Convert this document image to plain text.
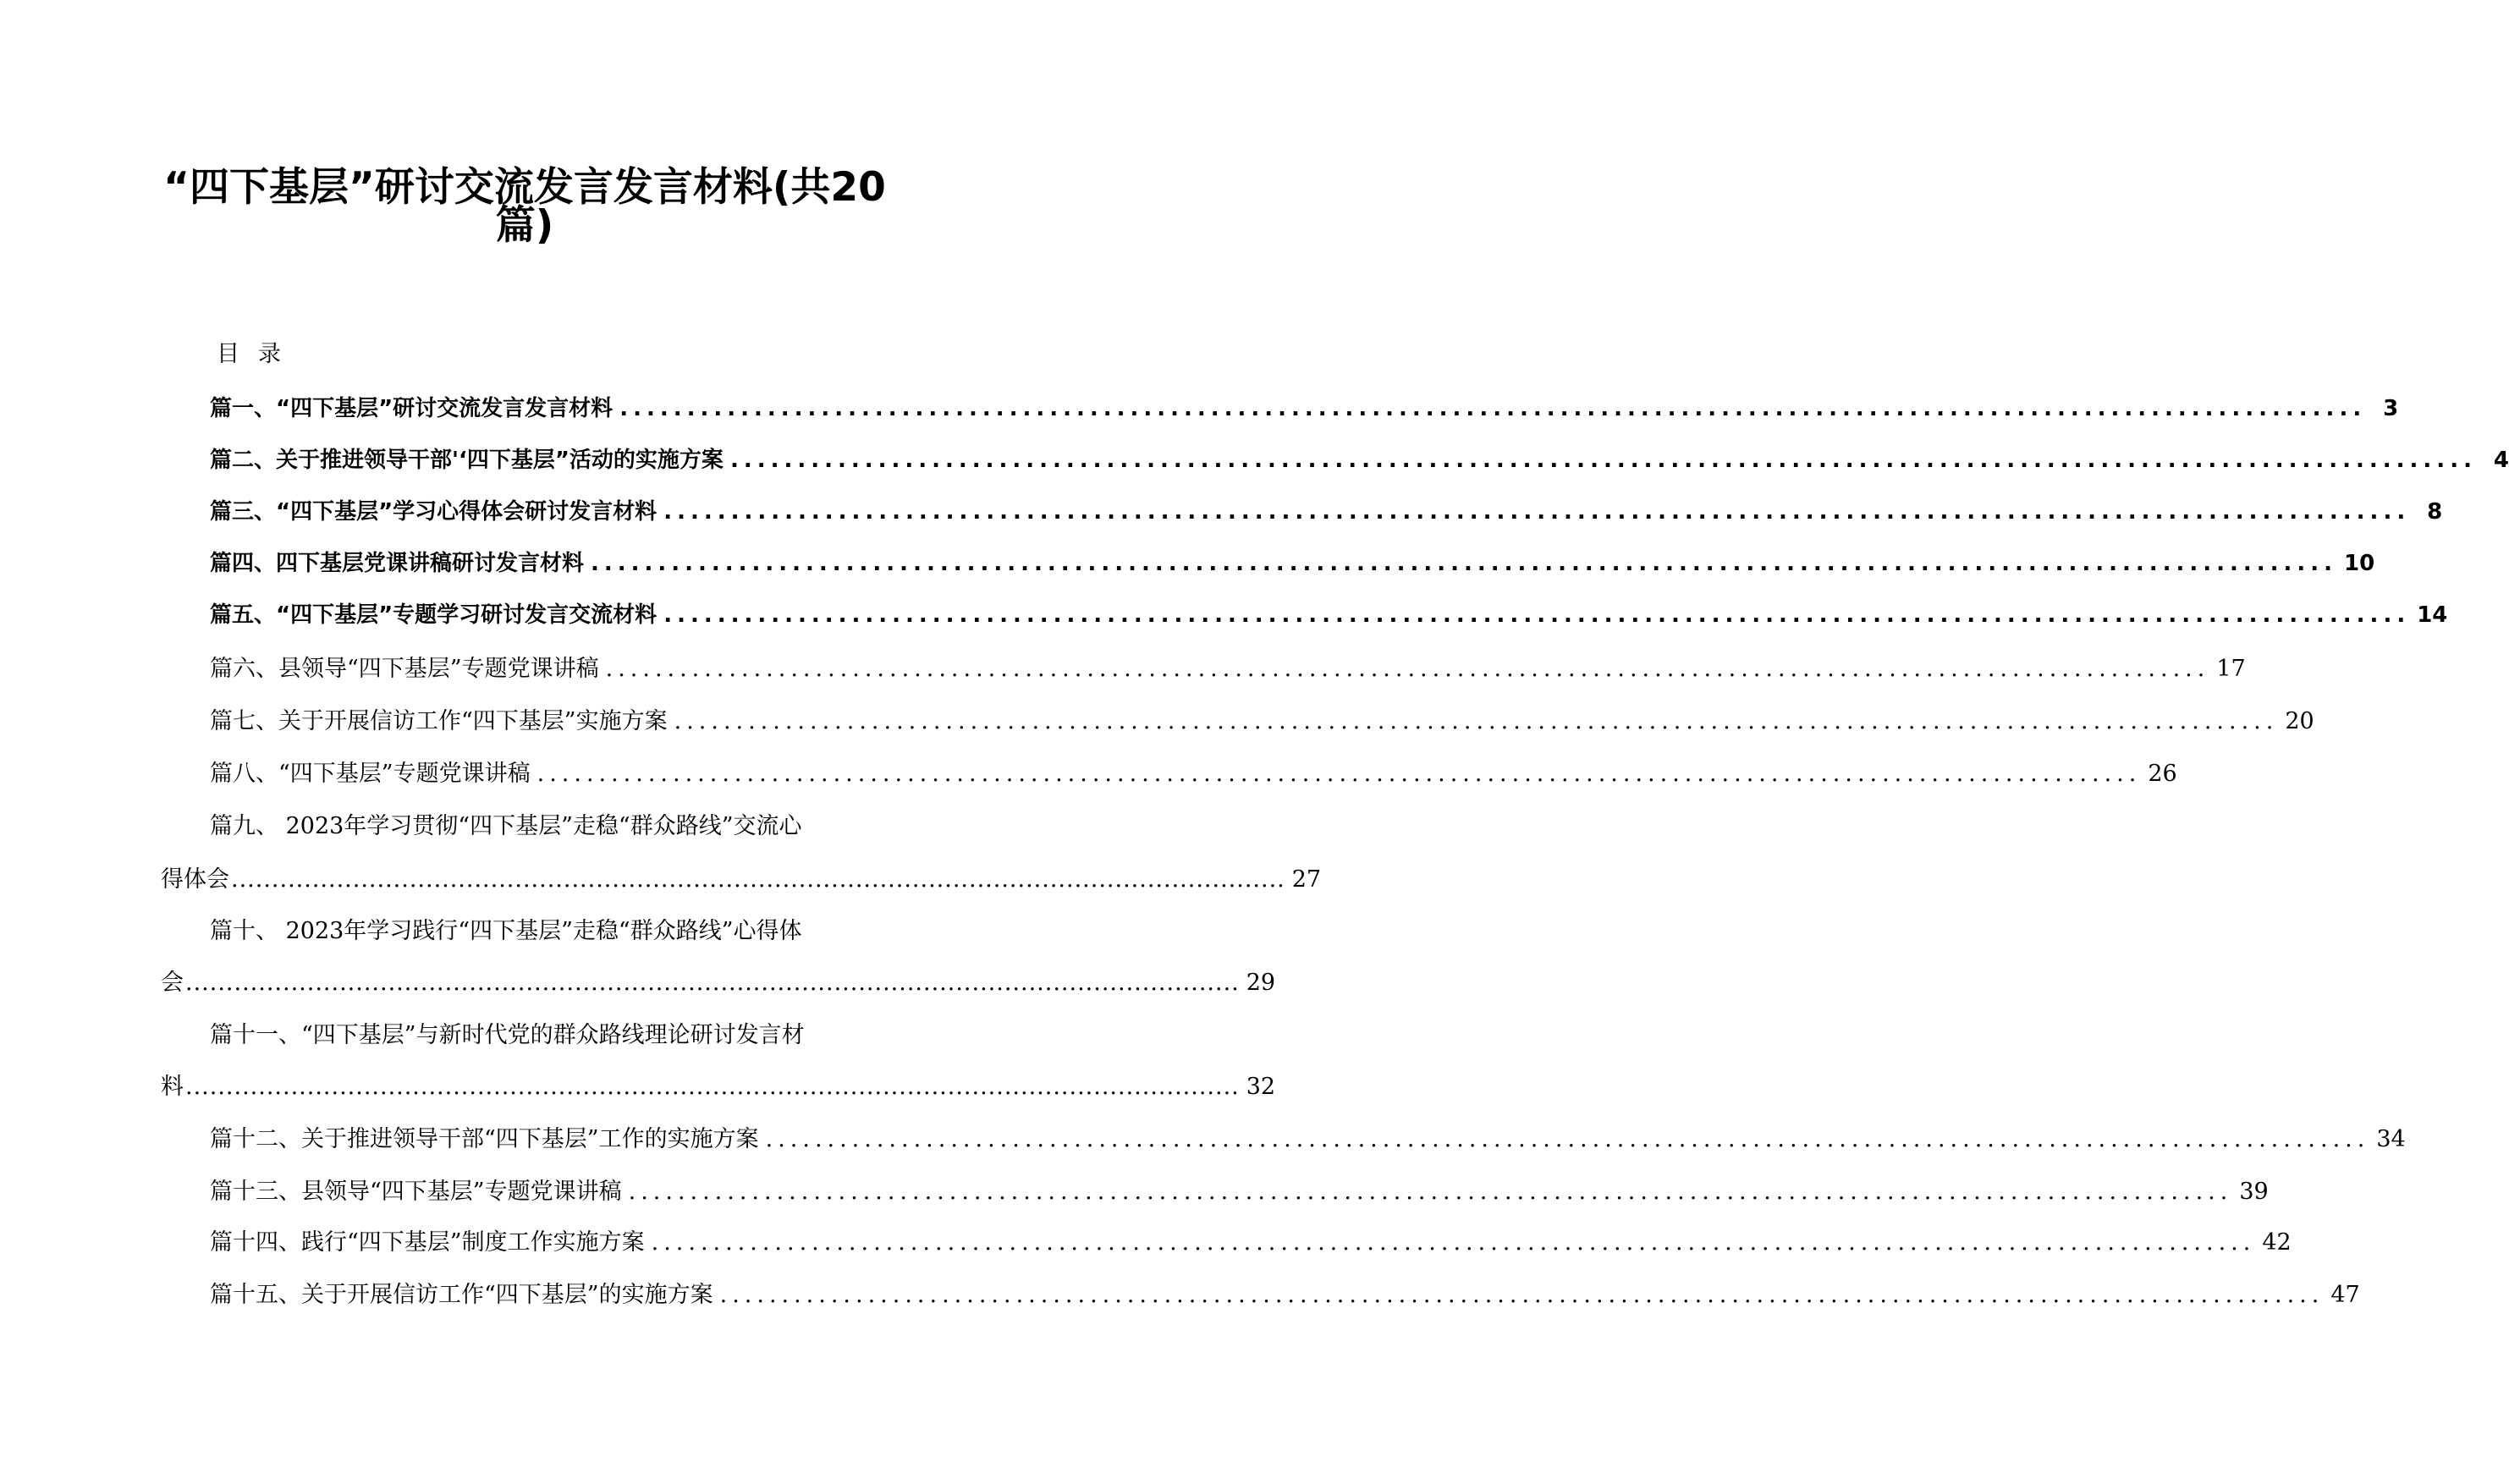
“四下基层”研讨交流发言发言材料(共20
篇)
目录
篇一、“四下基层”研讨交流发言发言材料 .................................................................................................................................. 3
篇二、关于推进领导干部'‘四下基层”活动的实施方案 .................................................................................................................................. 4
篇三、“四下基层”学习心得体会研讨发言材料 .................................................................................................................................. 8
篇四、四下基层党课讲稿研讨发言材料 .................................................................................................................................. 10
篇五、“四下基层”专题学习研讨发言交流材料 .................................................................................................................................. 14
篇六、县领导“四下基层”专题党课讲稿 .................................................................................................................................. 17
篇七、关于开展信访工作“四下基层”实施方案 .................................................................................................................................. 20
篇八、“四下基层”专题党课讲稿 .................................................................................................................................. 26
篇九、 2023年学习贯彻“四下基层”走稳“群众路线”交流心
得体会 .................................................................................................................................. 27
篇十、 2023年学习践行“四下基层”走稳“群众路线”心得体
会 .................................................................................................................................. 29
篇十一、“四下基层”与新时代党的群众路线理论研讨发言材
料 .................................................................................................................................. 32
篇十二、关于推进领导干部“四下基层”工作的实施方案 .................................................................................................................................. 34
篇十三、县领导“四下基层”专题党课讲稿 .................................................................................................................................. 39
篇十四、践行“四下基层”制度工作实施方案 .................................................................................................................................. 42
篇十五、关于开展信访工作“四下基层”的实施方案 .................................................................................................................................. 47
